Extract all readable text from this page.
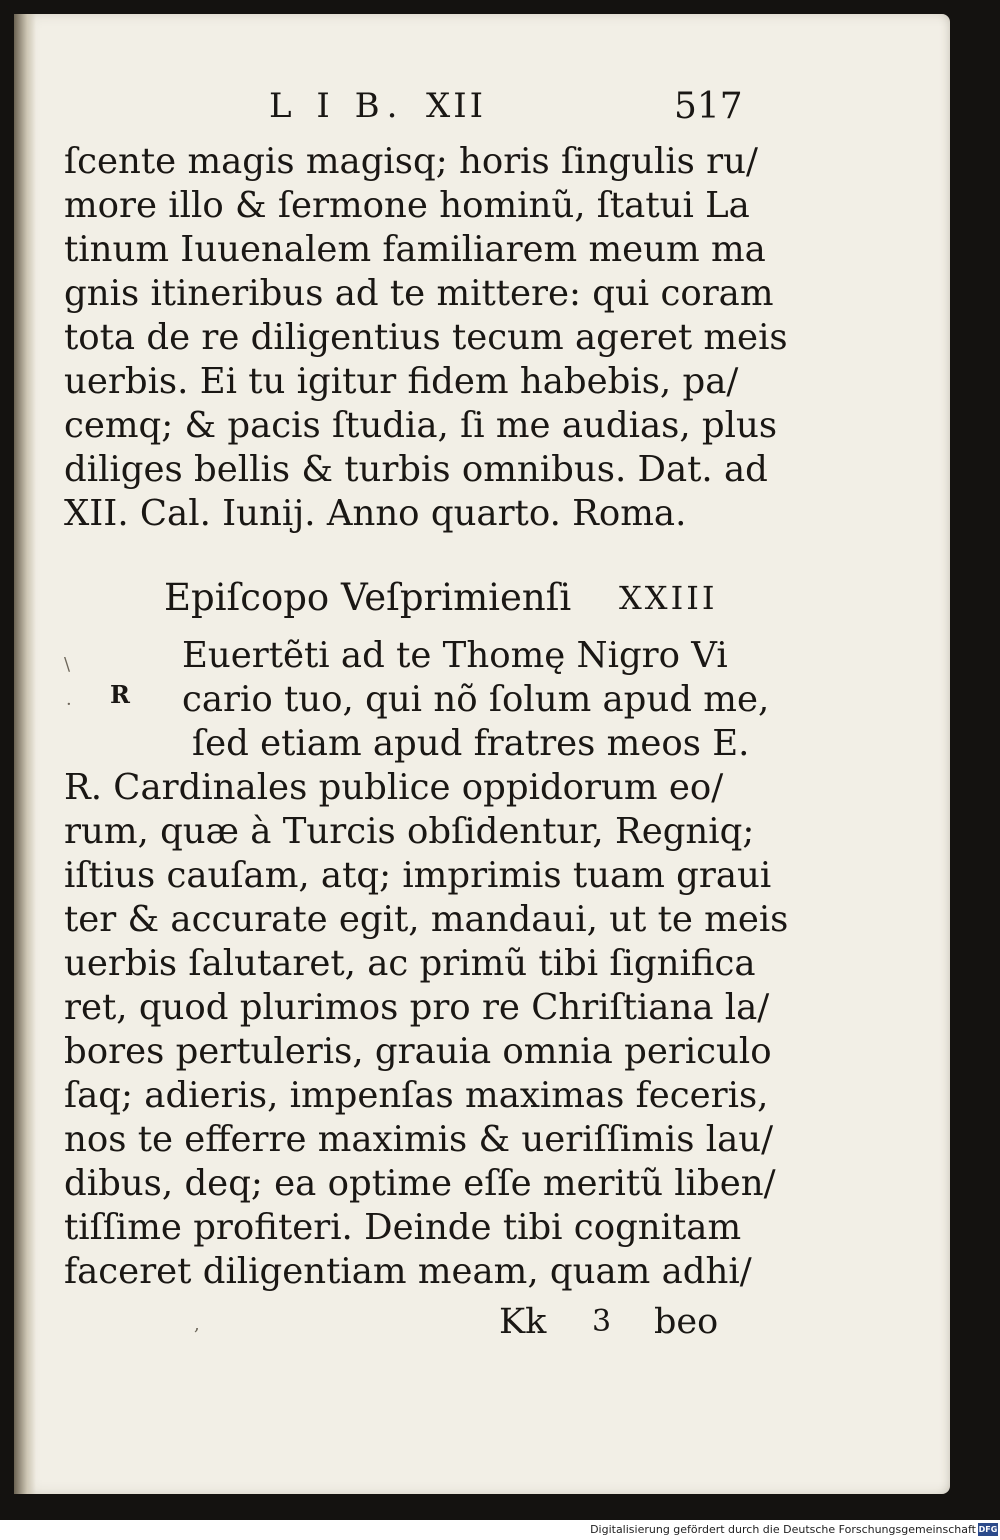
L I B. XII	517
ſcente magis magisq; horis ſingulis ru/
more illo & ſermone hominũ, ſtatui La
tinum Iuuenalem familiarem meum ma
gnis itineribus ad te mittere: qui coram
tota de re diligentius tecum ageret meis
uerbis. Ei tu igitur fidem habebis, pa/
cemq; & pacis ſtudia, ſi me audias, plus
diliges bellis & turbis omnibus. Dat. ad
XII. Cal. Iunij. Anno quarto. Roma.
Epiſcopo Veſprimienſi XXIII
R
\
·
Euertẽti ad te Thomę Nigro Vi
cario tuo, qui nõ ſolum apud me,
ſed etiam apud fratres meos E.
R. Cardinales publice oppidorum eo/
rum, quæ à Turcis obſidentur, Regniq;
iſtius cauſam, atq; imprimis tuam graui
ter & accurate egit, mandaui, ut te meis
uerbis ſalutaret, ac primũ tibi ſignifica
ret, quod plurimos pro re Chriſtiana la/
bores pertuleris, grauia omnia periculo
ſaq; adieris, impenſas maximas feceris,
nos te efferre maximis & ueriſſimis lau/
dibus, deq; ea optime eſſe meritũ liben/
tiſſime profiteri. Deinde tibi cognitam
faceret diligentiam meam, quam adhi/
Kk 3 beo
,
Digitalisierung gefördert durch die Deutsche Forschungsgemeinschaft DFG
